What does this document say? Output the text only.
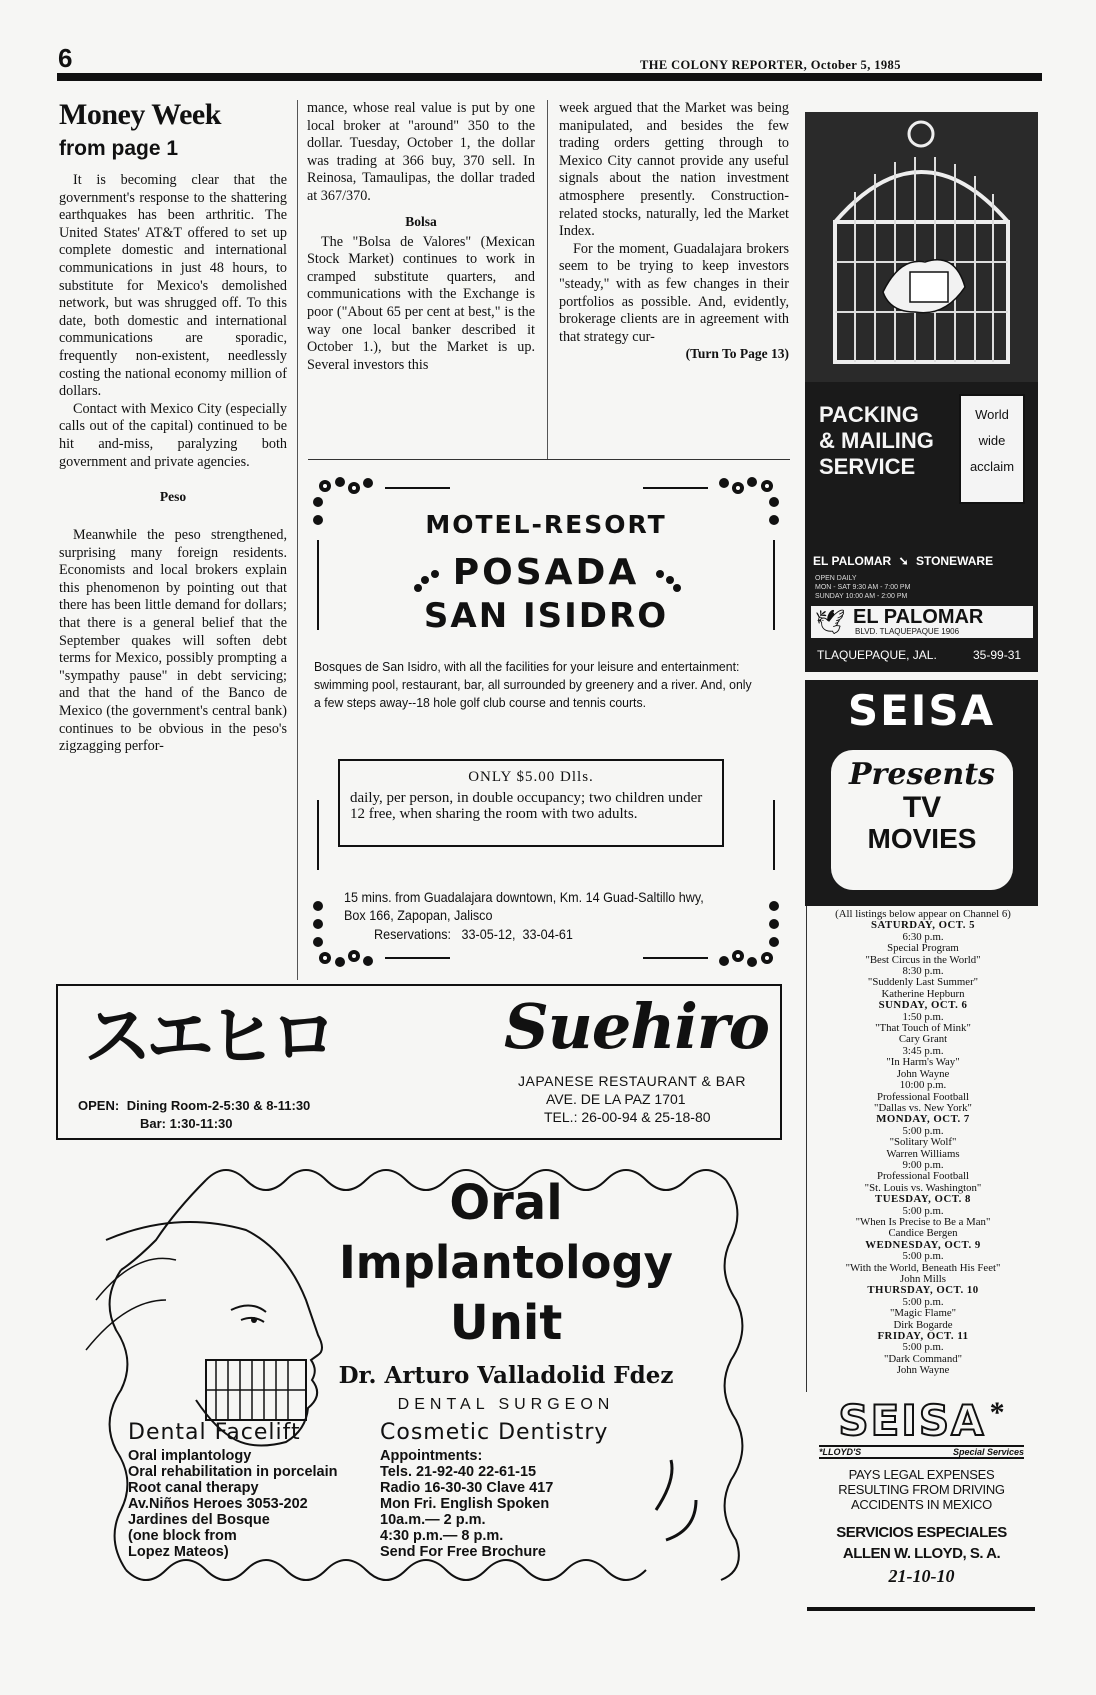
6	THE COLONY REPORTER, October 5, 1985
Money Week
from page 1

It is becoming clear that the government's response to the shattering earthquakes has been arthritic. The United States' AT&T offered to set up complete domestic and international communications in just 48 hours, to substitute for Mexico's demolished network, but was shrugged off. To this date, both domestic and international communications are sporadic, frequently non-existent, needlessly costing the national economy million of dollars.

Contact with Mexico City (especially calls out of the capital) continued to be hit and-miss, paralyzing both government and private agencies.

Peso

Meanwhile the peso strengthened, surprising many foreign residents. Economists and local brokers explain this phenomenon by pointing out that there has been little demand for dollars; that there is a general belief that the September quakes will soften debt terms for Mexico, possibly prompting a "sympathy pause" in debt servicing; and that the hand of the Banco de Mexico (the government's central bank) continues to be obvious in the peso's zigzagging perfor-

mance, whose real value is put by one local broker at "around" 350 to the dollar. Tuesday, October 1, the dollar was trading at 366 buy, 370 sell. In Reinosa, Tamaulipas, the dollar traded at 367/370.

Bolsa

The "Bolsa de Valores" (Mexican Stock Market) continues to work in cramped substitute quarters, and communications with the Exchange is poor ("About 65 per cent at best," is the way one local banker described it October 1.), but the Market is up. Several investors this

week argued that the Market was being manipulated, and besides the few trading orders getting through to Mexico City cannot provide any useful signals about the nation investment atmosphere presently. Construction-related stocks, naturally, led the Market Index.

For the moment, Guadalajara brokers seem to be trying to keep investors "steady," with as few changes in their portfolios as possible. And, evidently, brokerage clients are in agreement with that strategy cur-

(Turn To Page 13)
MOTEL-RESORT
POSADA
SAN ISIDRO
Bosques de San Isidro, with all the facilities for your leisure and entertainment: swimming pool, restaurant, bar, all surrounded by greenery and a river. And, only a few steps away--18 hole golf club course and tennis courts.
ONLY $5.00 Dlls.
daily, per person, in double occupancy; two children under 12 free, when sharing the room with two adults.
15 mins. from Guadalajara downtown, Km. 14 Guad-Saltillo hwy, Box 166, Zapopan, Jalisco
Reservations:   33-05-12,  33-04-61
スエヒロ
OPEN: Dining Room-2-5:30 & 8-11:30
Bar: 1:30-11:30
Suehiro
JAPANESE RESTAURANT & BAR
AVE. DE LA PAZ 1701
TEL.: 26-00-94 & 25-18-80
Oral
Implantology
Unit
Dr. Arturo Valladolid Fdez
DENTAL SURGEON
Dental Facelift
Oral implantology
Oral rehabilitation in porcelain
Root canal therapy
Av.Niños Heroes 3053-202
Jardines del Bosque
(one block from
Lopez Mateos)
Cosmetic Dentistry
Appointments:
Tels. 21-92-40 22-61-15
Radio 16-30-30 Clave 417
Mon Fri. English Spoken
10a.m.— 2 p.m.
4:30 p.m.— 8 p.m.
Send For Free Brochure
PACKING
& MAILING
SERVICE
World
wide
acclaim
EL PALOMAR ➘ STONEWARE
OPEN DAILY
MON - SAT 9:30 AM - 7:00 PM
SUNDAY 10:00 AM - 2:00 PM
🕊 EL PALOMAR
BLVD. TLAQUEPAQUE 1906
TLAQUEPAQUE, JAL.	35-99-31
SEISA
Presents
TV
MOVIES
(All listings below appear on Channel 6)
SATURDAY, OCT. 5
6:30 p.m.
Special Program
"Best Circus in the World"
8:30 p.m.
"Suddenly Last Summer"
Katherine Hepburn
SUNDAY, OCT. 6
1:50 p.m.
"That Touch of Mink"
Cary Grant
3:45 p.m.
"In Harm's Way"
John Wayne
10:00 p.m.
Professional Football
"Dallas vs. New York"
MONDAY, OCT. 7
5:00 p.m.
"Solitary Wolf"
Warren Williams
9:00 p.m.
Professional Football
"St. Louis vs. Washington"
TUESDAY, OCT. 8
5:00 p.m.
"When Is Precise to Be a Man"
Candice Bergen
WEDNESDAY, OCT. 9
5:00 p.m.
"With the World, Beneath His Feet"
John Mills
THURSDAY, OCT. 10
5:00 p.m.
"Magic Flame"
Dirk Bogarde
FRIDAY, OCT. 11
5:00 p.m.
"Dark Command"
John Wayne
SEISA *
*LLOYD'S	Special Services
PAYS LEGAL EXPENSES
RESULTING FROM DRIVING
ACCIDENTS IN MEXICO
SERVICIOS ESPECIALES
ALLEN W. LLOYD, S. A.
21-10-10
